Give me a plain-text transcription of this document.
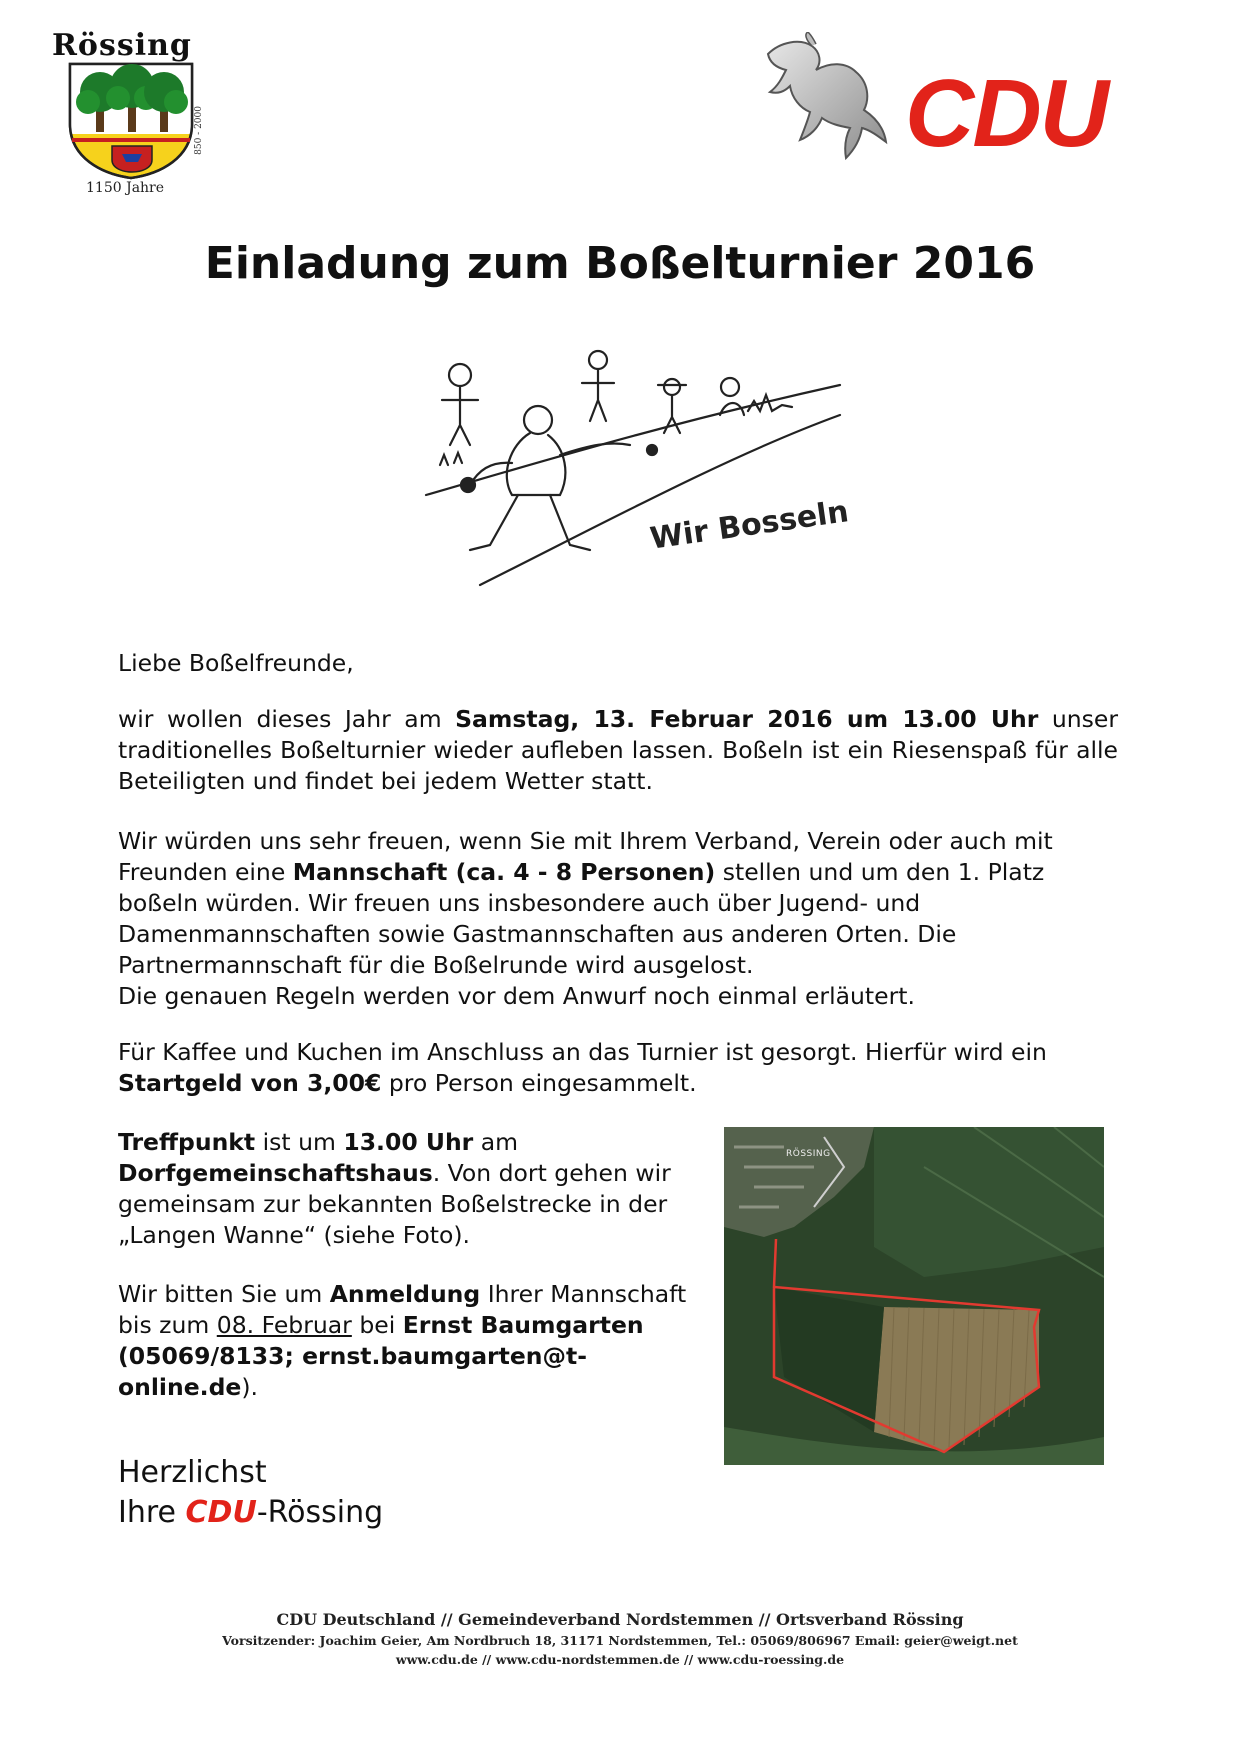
Rössing
850 - 2000
1150 Jahre
CDU
Einladung zum Boßelturnier 2016
Wir Bosseln
Liebe Boßelfreunde,
wir wollen dieses Jahr am Samstag, 13. Februar 2016 um 13.00 Uhr unser traditionelles Boßelturnier wieder aufleben lassen. Boßeln ist ein Riesenspaß für alle Beteiligten und findet bei jedem Wetter statt.
Wir würden uns sehr freuen, wenn Sie mit Ihrem Verband, Verein oder auch mit Freunden eine Mannschaft (ca. 4 - 8 Personen) stellen und um den 1. Platz boßeln würden. Wir freuen uns insbesondere auch über Jugend- und Damenmannschaften sowie Gastmannschaften aus anderen Orten. Die Partnermannschaft für die Boßelrunde wird ausgelost.
Die genauen Regeln werden vor dem Anwurf noch einmal erläutert.
Für Kaffee und Kuchen im Anschluss an das Turnier ist gesorgt. Hierfür wird ein Startgeld von 3,00€ pro Person eingesammelt.
Treffpunkt ist um 13.00 Uhr am Dorfgemeinschaftshaus. Von dort gehen wir gemeinsam zur bekannten Boßelstrecke in der „Langen Wanne“ (siehe Foto).
Wir bitten Sie um Anmeldung Ihrer Mannschaft bis zum 08. Februar bei Ernst Baumgarten (05069/8133; ernst.baumgarten@t-online.de).
RÖSSING
Herzlichst
Ihre CDU-Rössing
CDU Deutschland // Gemeindeverband Nordstemmen // Ortsverband Rössing
Vorsitzender: Joachim Geier, Am Nordbruch 18, 31171 Nordstemmen, Tel.: 05069/806967 Email: geier@weigt.net
www.cdu.de // www.cdu-nordstemmen.de // www.cdu-roessing.de
